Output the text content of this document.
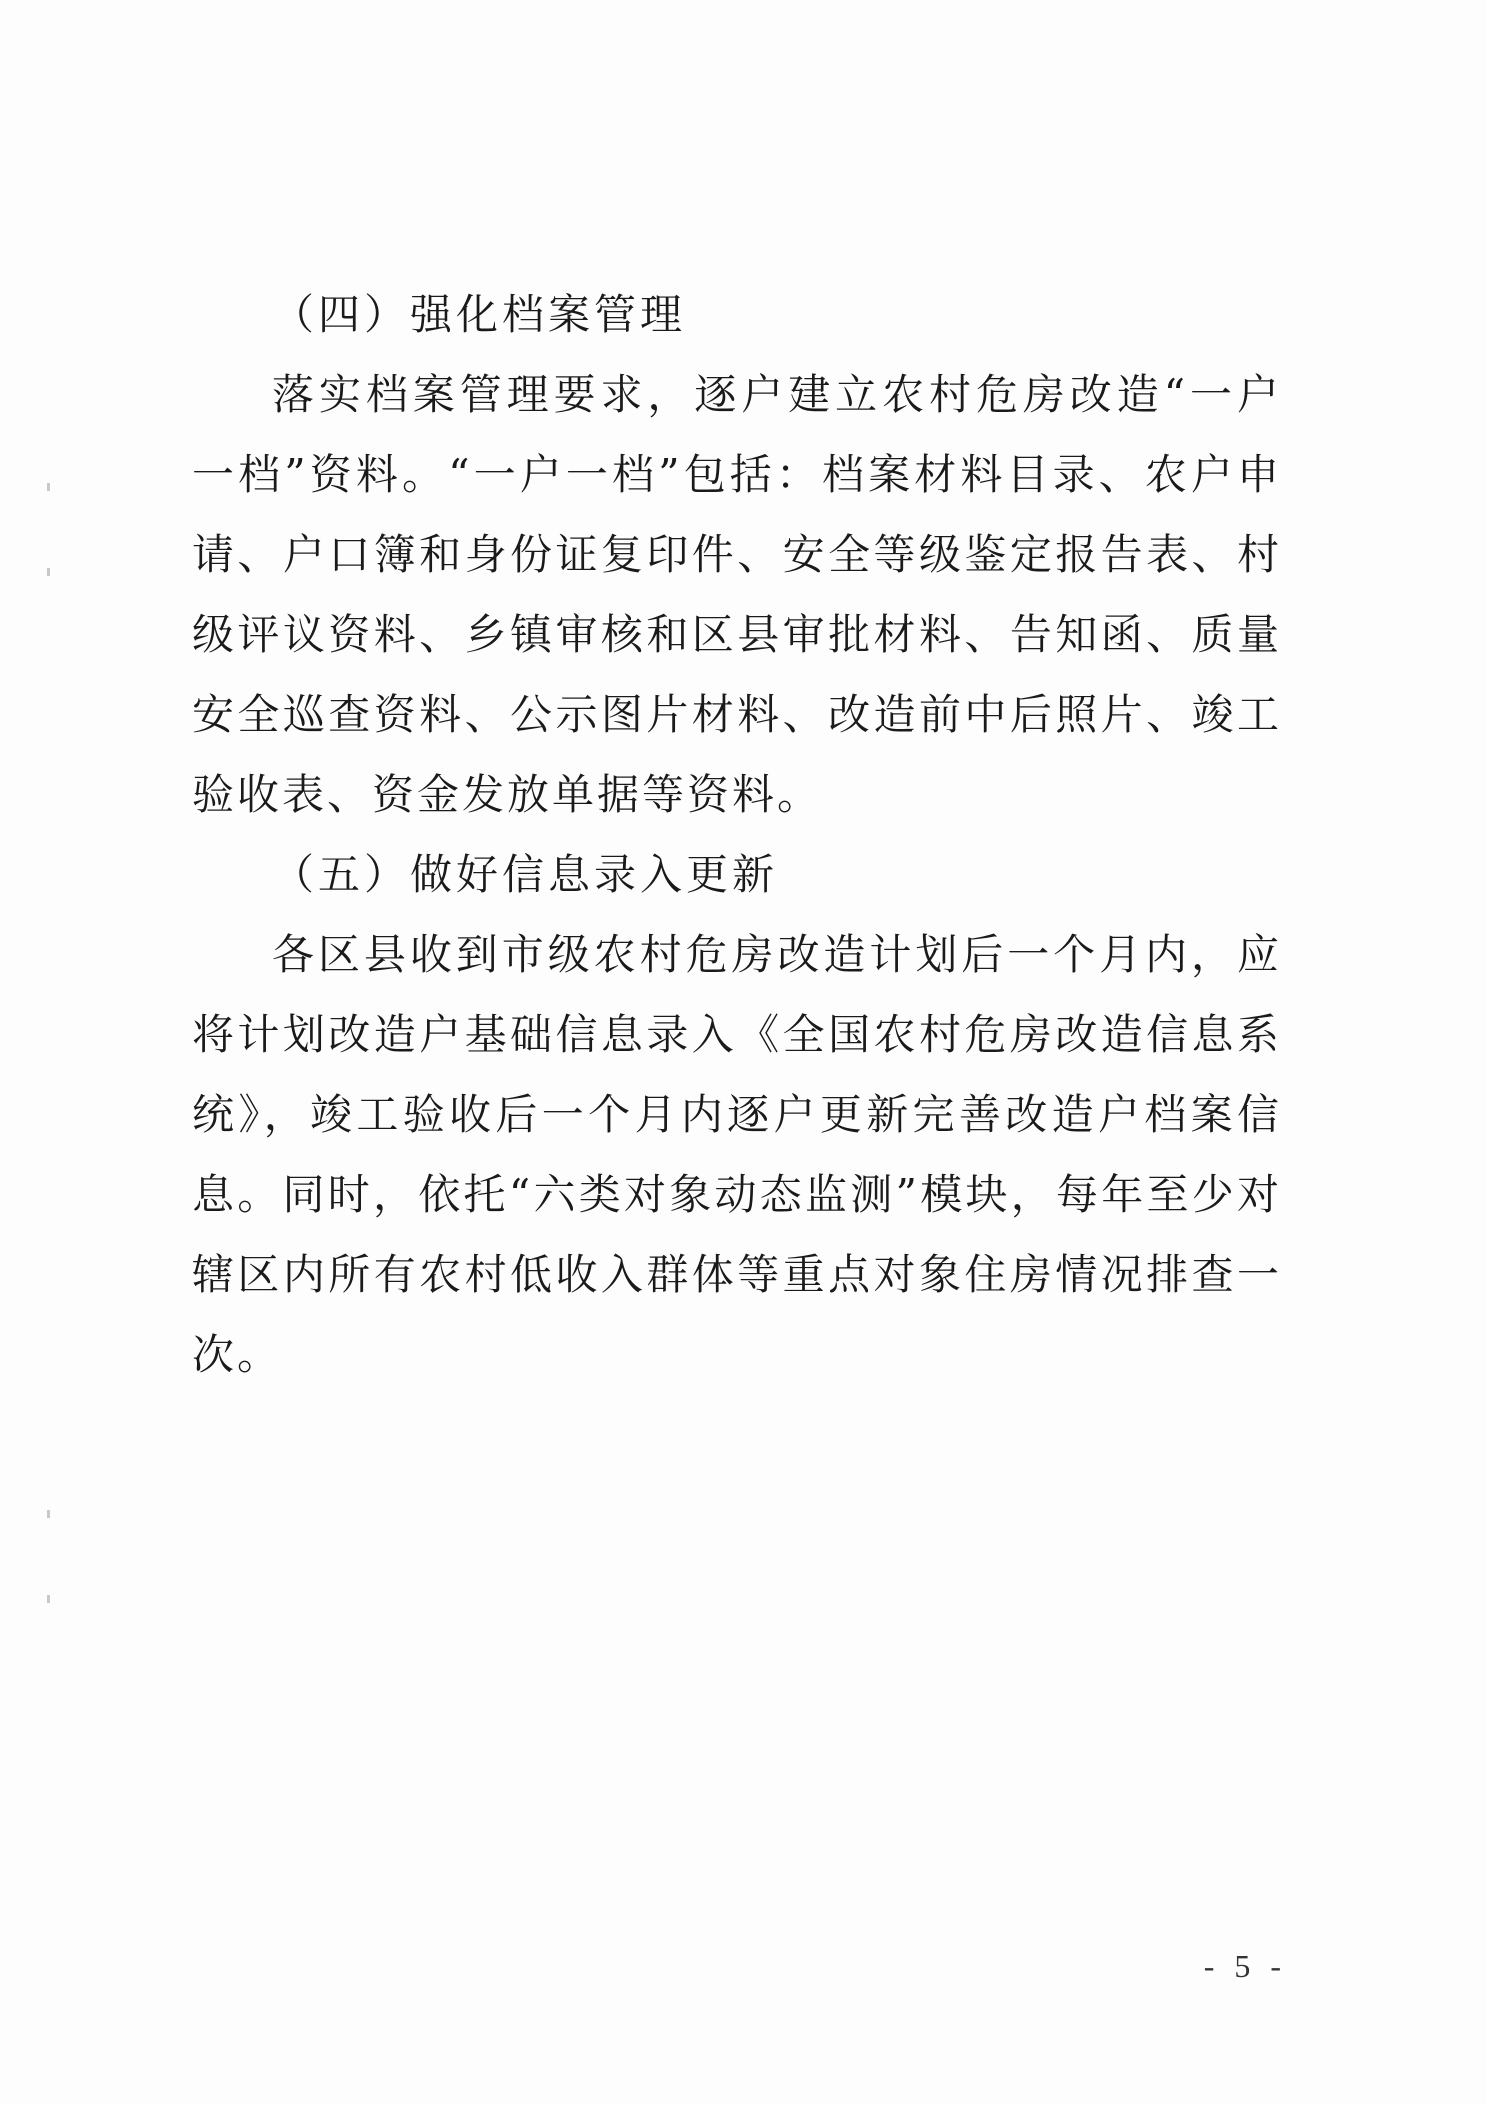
（四）强化档案管理

落实档案管理要求，逐户建立农村危房改造“一户一档”资料。“一户一档”包括：档案材料目录、农户申请、户口簿和身份证复印件、安全等级鉴定报告表、村级评议资料、乡镇审核和区县审批材料、告知函、质量安全巡查资料、公示图片材料、改造前中后照片、竣工验收表、资金发放单据等资料。

（五）做好信息录入更新

各区县收到市级农村危房改造计划后一个月内，应将计划改造户基础信息录入《全国农村危房改造信息系统》，竣工验收后一个月内逐户更新完善改造户档案信息。同时，依托“六类对象动态监测”模块，每年至少对辖区内所有农村低收入群体等重点对象住房情况排查一次。

- 5 -
